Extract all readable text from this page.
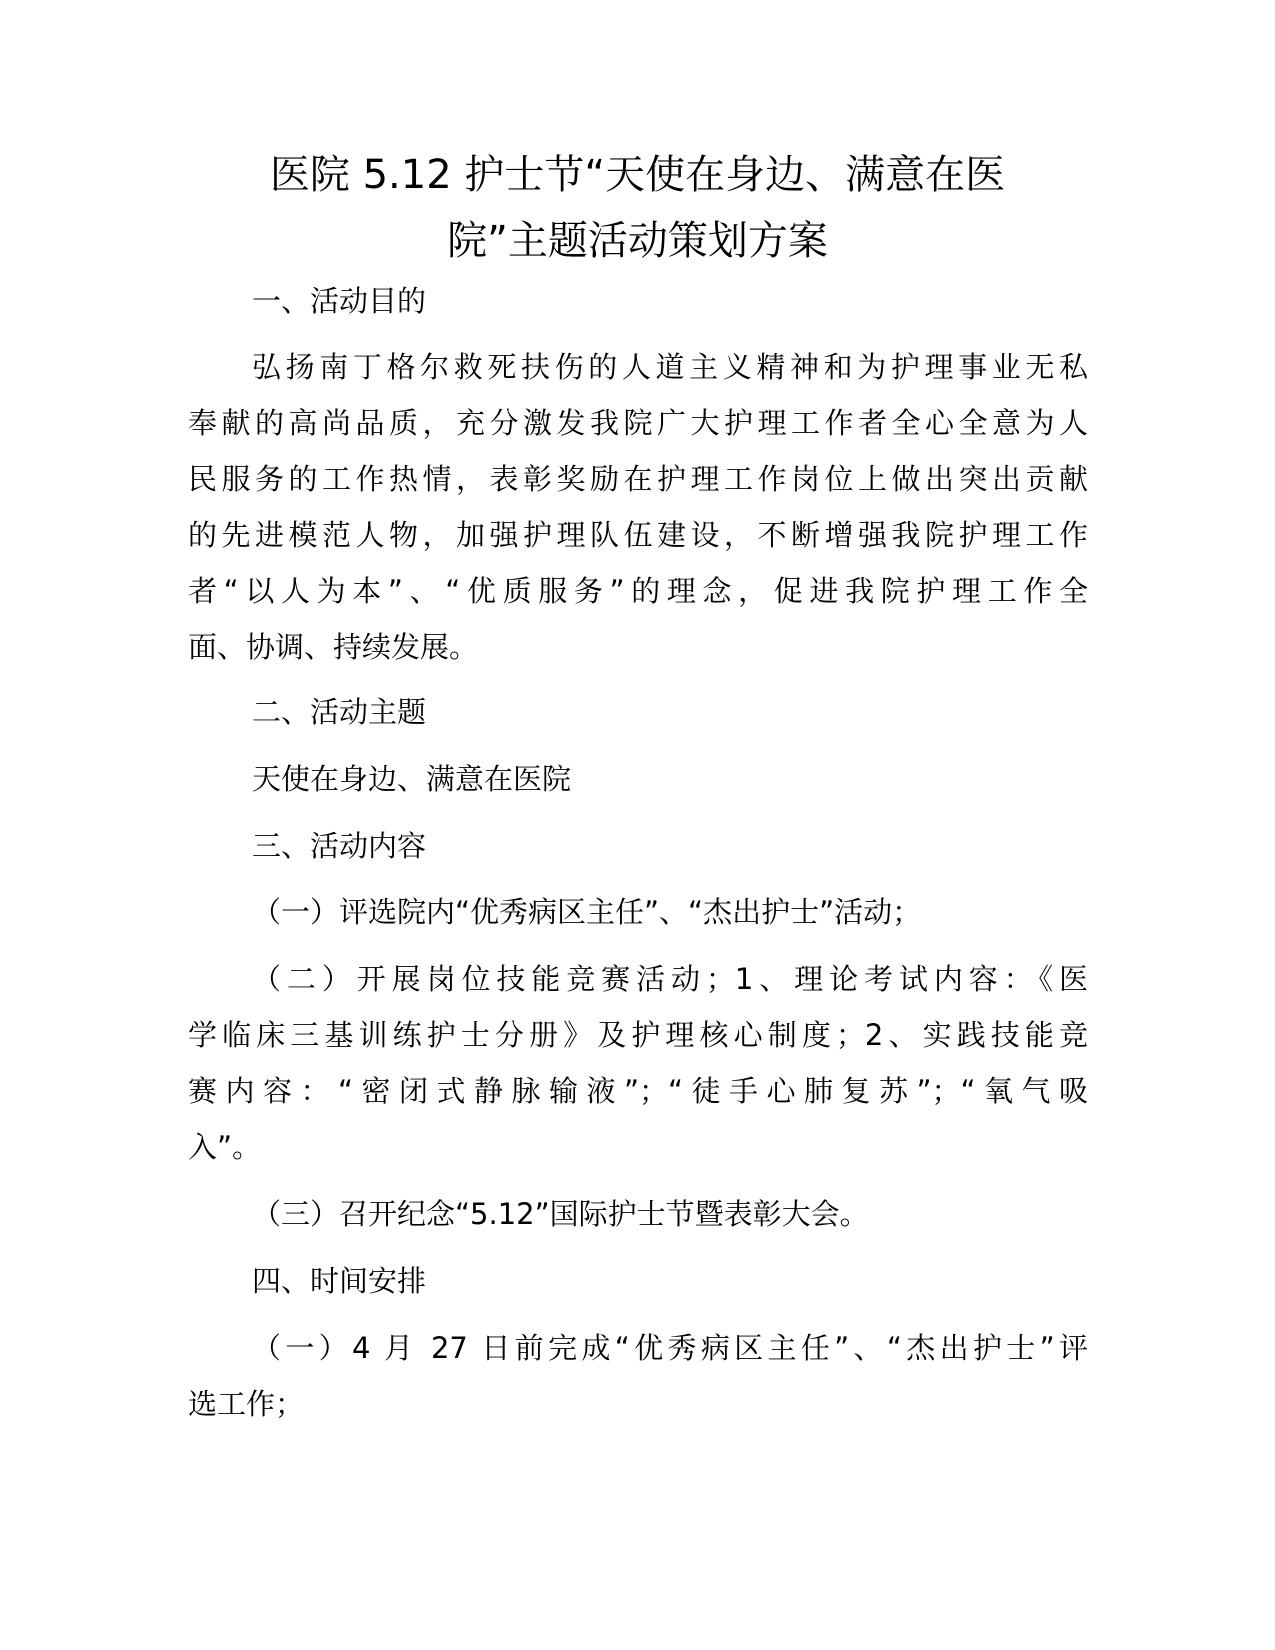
医院 5.12 护士节“天使在身边、满意在医
院”主题活动策划方案
一、活动目的
弘扬南丁格尔救死扶伤的人道主义精神和为护理事业无私
奉献的高尚品质，充分激发我院广大护理工作者全心全意为人
民服务的工作热情，表彰奖励在护理工作岗位上做出突出贡献
的先进模范人物，加强护理队伍建设，不断增强我院护理工作
者“以人为本”、“优质服务”的理念，促进我院护理工作全
面、协调、持续发展。
二、活动主题
天使在身边、满意在医院
三、活动内容
（一）评选院内“优秀病区主任”、“杰出护士”活动；
（二）开展岗位技能竞赛活动；1、理论考试内容：《医
学临床三基训练护士分册》及护理核心制度；2、实践技能竞
赛内容：“密闭式静脉输液”；“徒手心肺复苏”；“氧气吸
入”。
（三）召开纪念“5.12”国际护士节暨表彰大会。
四、时间安排
（一）4 月 27 日前完成“优秀病区主任”、“杰出护士”评
选工作；
